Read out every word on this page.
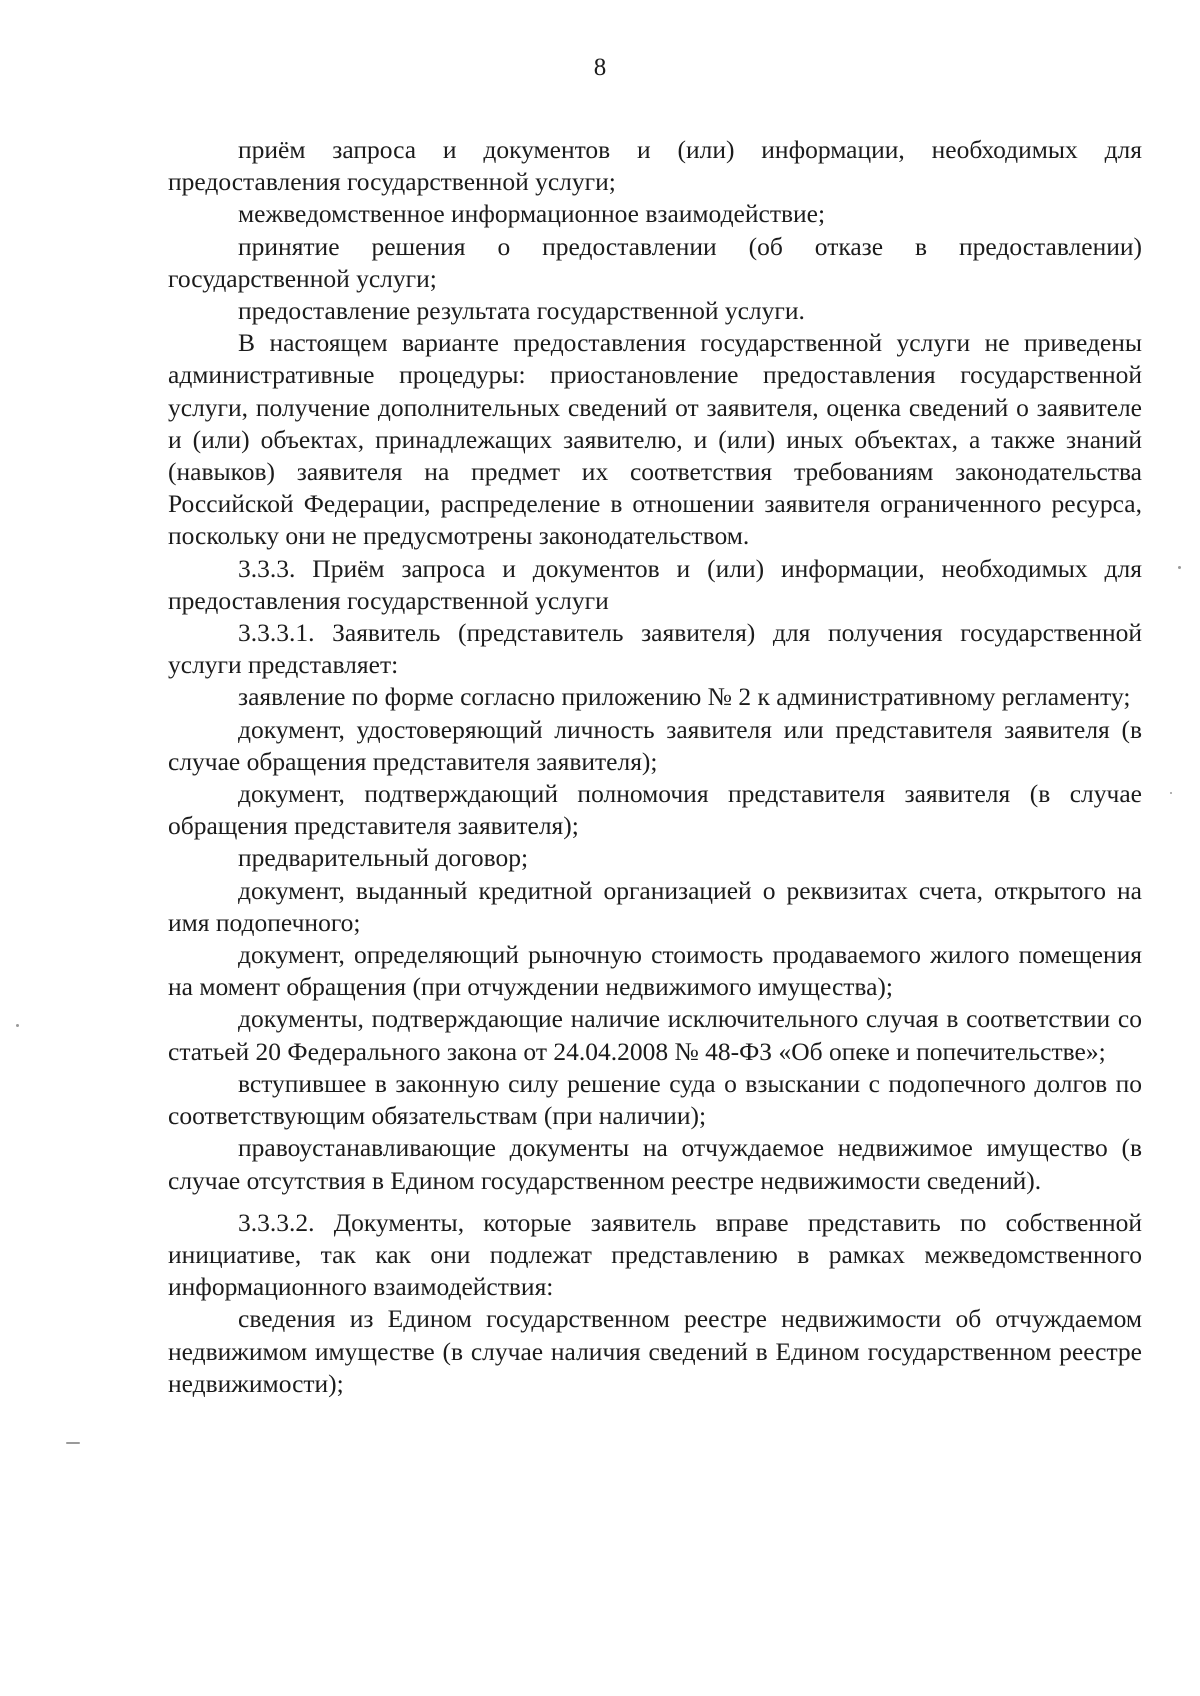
8

приём запроса и документов и (или) информации, необходимых для предоставления государственной услуги;

межведомственное информационное взаимодействие;

принятие решения о предоставлении (об отказе в предоставлении) государственной услуги;

предоставление результата государственной услуги.

В настоящем варианте предоставления государственной услуги не приведены административные процедуры: приостановление предоставления государственной услуги, получение дополнительных сведений от заявителя, оценка сведений о заявителе и (или) объектах, принадлежащих заявителю, и (или) иных объектах, а также знаний (навыков) заявителя на предмет их соответствия требованиям законодательства Российской Федерации, распределение в отношении заявителя ограниченного ресурса, поскольку они не предусмотрены законодательством.

3.3.3. Приём запроса и документов и (или) информации, необходимых для предоставления государственной услуги

3.3.3.1. Заявитель (представитель заявителя) для получения государственной услуги представляет:

заявление по форме согласно приложению № 2 к административному регламенту;

документ, удостоверяющий личность заявителя или представителя заявителя (в случае обращения представителя заявителя);

документ, подтверждающий полномочия представителя заявителя (в случае обращения представителя заявителя);

предварительный договор;

документ, выданный кредитной организацией о реквизитах счета, открытого на имя подопечного;

документ, определяющий рыночную стоимость продаваемого жилого помещения на момент обращения (при отчуждении недвижимого имущества);

документы, подтверждающие наличие исключительного случая в соответствии со статьей 20 Федерального закона от 24.04.2008 № 48-ФЗ «Об опеке и попечительстве»;

вступившее в законную силу решение суда о взыскании с подопечного долгов по соответствующим обязательствам (при наличии);

правоустанавливающие документы на отчуждаемое недвижимое имущество (в случае отсутствия в Едином государственном реестре недвижимости сведений).

3.3.3.2. Документы, которые заявитель вправе представить по собственной инициативе, так как они подлежат представлению в рамках межведомственного информационного взаимодействия:

сведения из Едином государственном реестре недвижимости об отчуждаемом недвижимом имуществе (в случае наличия сведений в Едином государственном реестре недвижимости);
